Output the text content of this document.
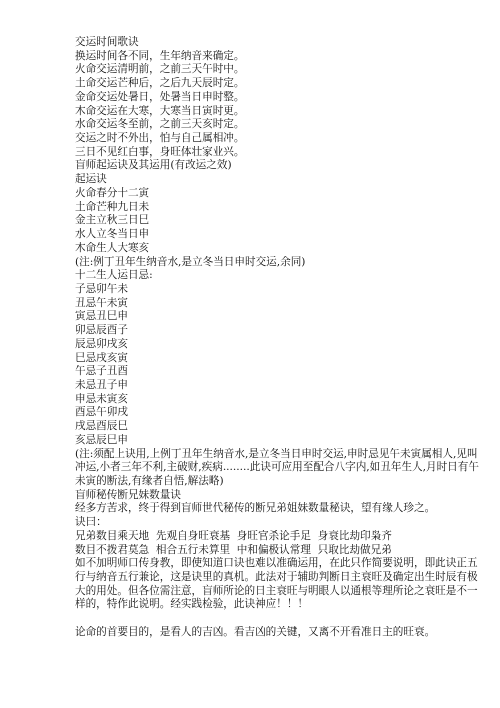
交运时间歌诀
换运时间各不同，生年纳音来确定。
火命交运清明前，之前三天午时中。
土命交运芒种后，之后九天辰时定。
金命交运处暑日，处暑当日申时整。
木命交运在大寒，大寒当日寅时更。
水命交运冬至前，之前三天亥时定。
交运之时不外出，怕与自己属相冲。
三日不见红白事，身旺体壮家业兴。
盲师起运诀及其运用(有改运之效)
起运诀
火命春分十二寅
土命芒种九日未
金主立秋三日巳
水人立冬当日申
木命生人大寒亥
(注:例丁丑年生纳音水,是立冬当日申时交运,余同)
十二生人运日忌:
子忌卯午未
丑忌午未寅
寅忌丑巳申
卯忌辰酉子
辰忌卯戌亥
巳忌戌亥寅
午忌子丑酉
未忌丑子申
申忌未寅亥
酉忌午卯戌
戌忌酉辰巳
亥忌辰巳申
(注:须配上诀用,上例丁丑年生纳音水,是立冬当日申时交运,申时忌见午未寅属相人,见叫冲运,小者三年不利,主破财,疾病........此诀可应用至配合八字内,如丑年生人,月时日有午未寅的断法,有缘者自悟,解法略)
盲师秘传断兄妹数量诀
经多方苦求，终于得到盲师世代秘传的断兄弟姐妹数量秘诀，望有缘人珍之。
诀曰：
兄弟数目乘天地  先观自身旺衰基  身旺官杀论手足  身衰比劫印枭齐
数目不拨君莫急  相合五行未算里  中和偏极认常理  只取比劫做兄弟
如不加明师口传身教，即使知道口诀也难以准确运用，在此只作简要说明，即此诀正五行与纳音五行兼论，这是诀里的真机。此法对于辅助判断日主衰旺及确定出生时辰有极大的用处。但各位需注意，盲师所论的日主衰旺与明眼人以通根等理所论之衰旺是不一样的，特作此说明。经实践检验，此诀神应！！！
论命的首要目的，是看人的吉凶。看吉凶的关键，又离不开看准日主的旺衰。
